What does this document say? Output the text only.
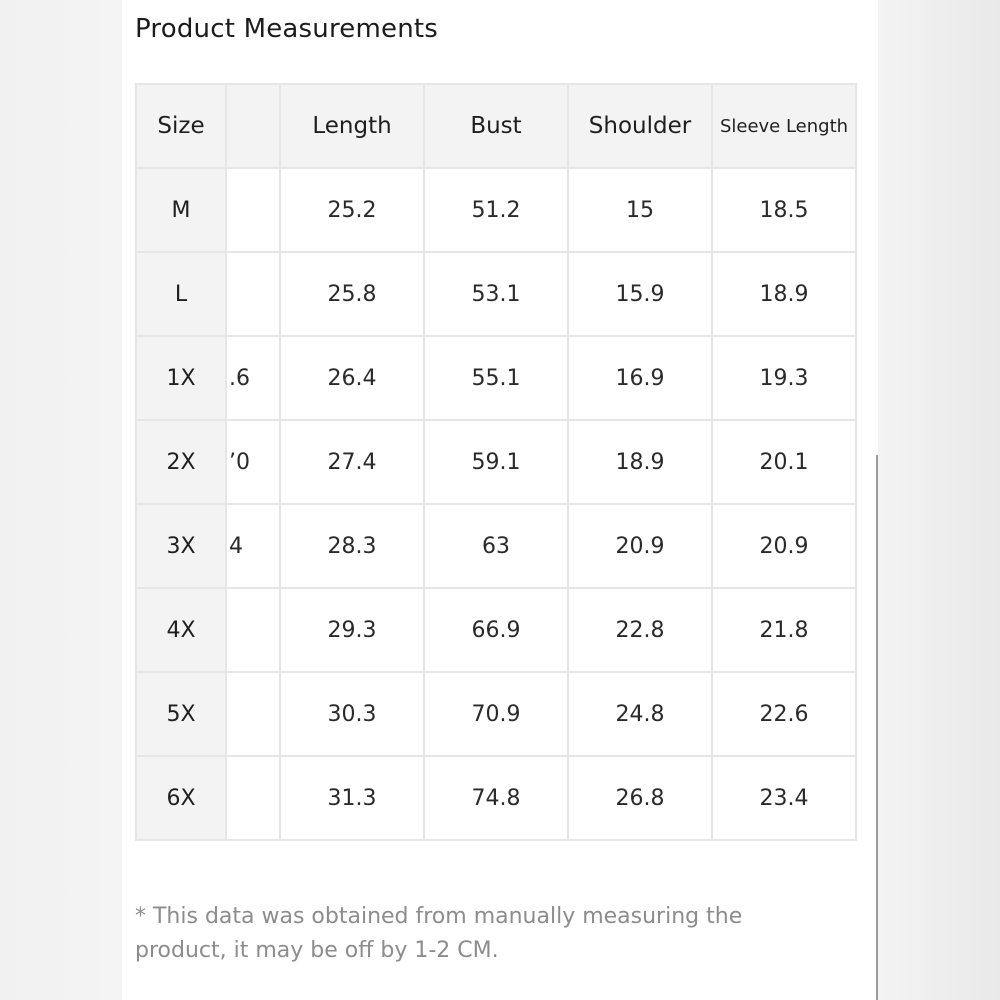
Product Measurements
Size		Length	Bust	Shoulder	Sleeve Length
M		25.2	51.2	15	18.5
L		25.8	53.1	15.9	18.9
1X	.6	26.4	55.1	16.9	19.3
2X	’0	27.4	59.1	18.9	20.1
3X	4	28.3	63	20.9	20.9
4X		29.3	66.9	22.8	21.8
5X		30.3	70.9	24.8	22.6
6X		31.3	74.8	26.8	23.4

* This data was obtained from manually measuring the product, it may be off by 1-2 CM.
